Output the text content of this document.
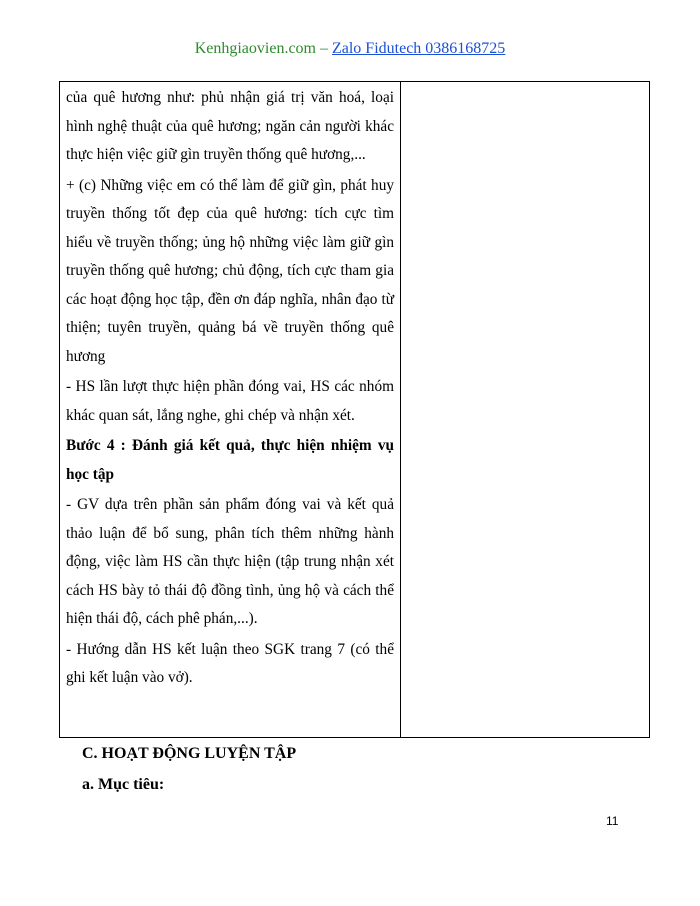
Kenhgiaovien.com – Zalo Fidutech 0386168725

của quê hương như: phủ nhận giá trị văn hoá, loại hình nghệ thuật của quê hương; ngăn cản người khác thực hiện việc giữ gìn truyền thống quê hương,...

+ (c) Những việc em có thể làm để giữ gìn, phát huy truyền thống tốt đẹp của quê hương: tích cực tìm hiểu về truyền thống; ủng hộ những việc làm giữ gìn truyền thống quê hương; chủ động, tích cực tham gia các hoạt động học tập, đền ơn đáp nghĩa, nhân đạo từ thiện; tuyên truyền, quảng bá về truyền thống quê hương

- HS lần lượt thực hiện phần đóng vai, HS các nhóm khác quan sát, lắng nghe, ghi chép và nhận xét.

Bước 4 : Đánh giá kết quả, thực hiện nhiệm vụ học tập

- GV dựa trên phần sản phẩm đóng vai và kết quả thảo luận để bổ sung, phân tích thêm những hành động, việc làm HS cần thực hiện (tập trung nhận xét cách HS bày tỏ thái độ đồng tình, ủng hộ và cách thể hiện thái độ, cách phê phán,...).

- Hướng dẫn HS kết luận theo SGK trang 7 (có thể ghi kết luận vào vở).

C. HOẠT ĐỘNG LUYỆN TẬP
a. Mục tiêu:
11
